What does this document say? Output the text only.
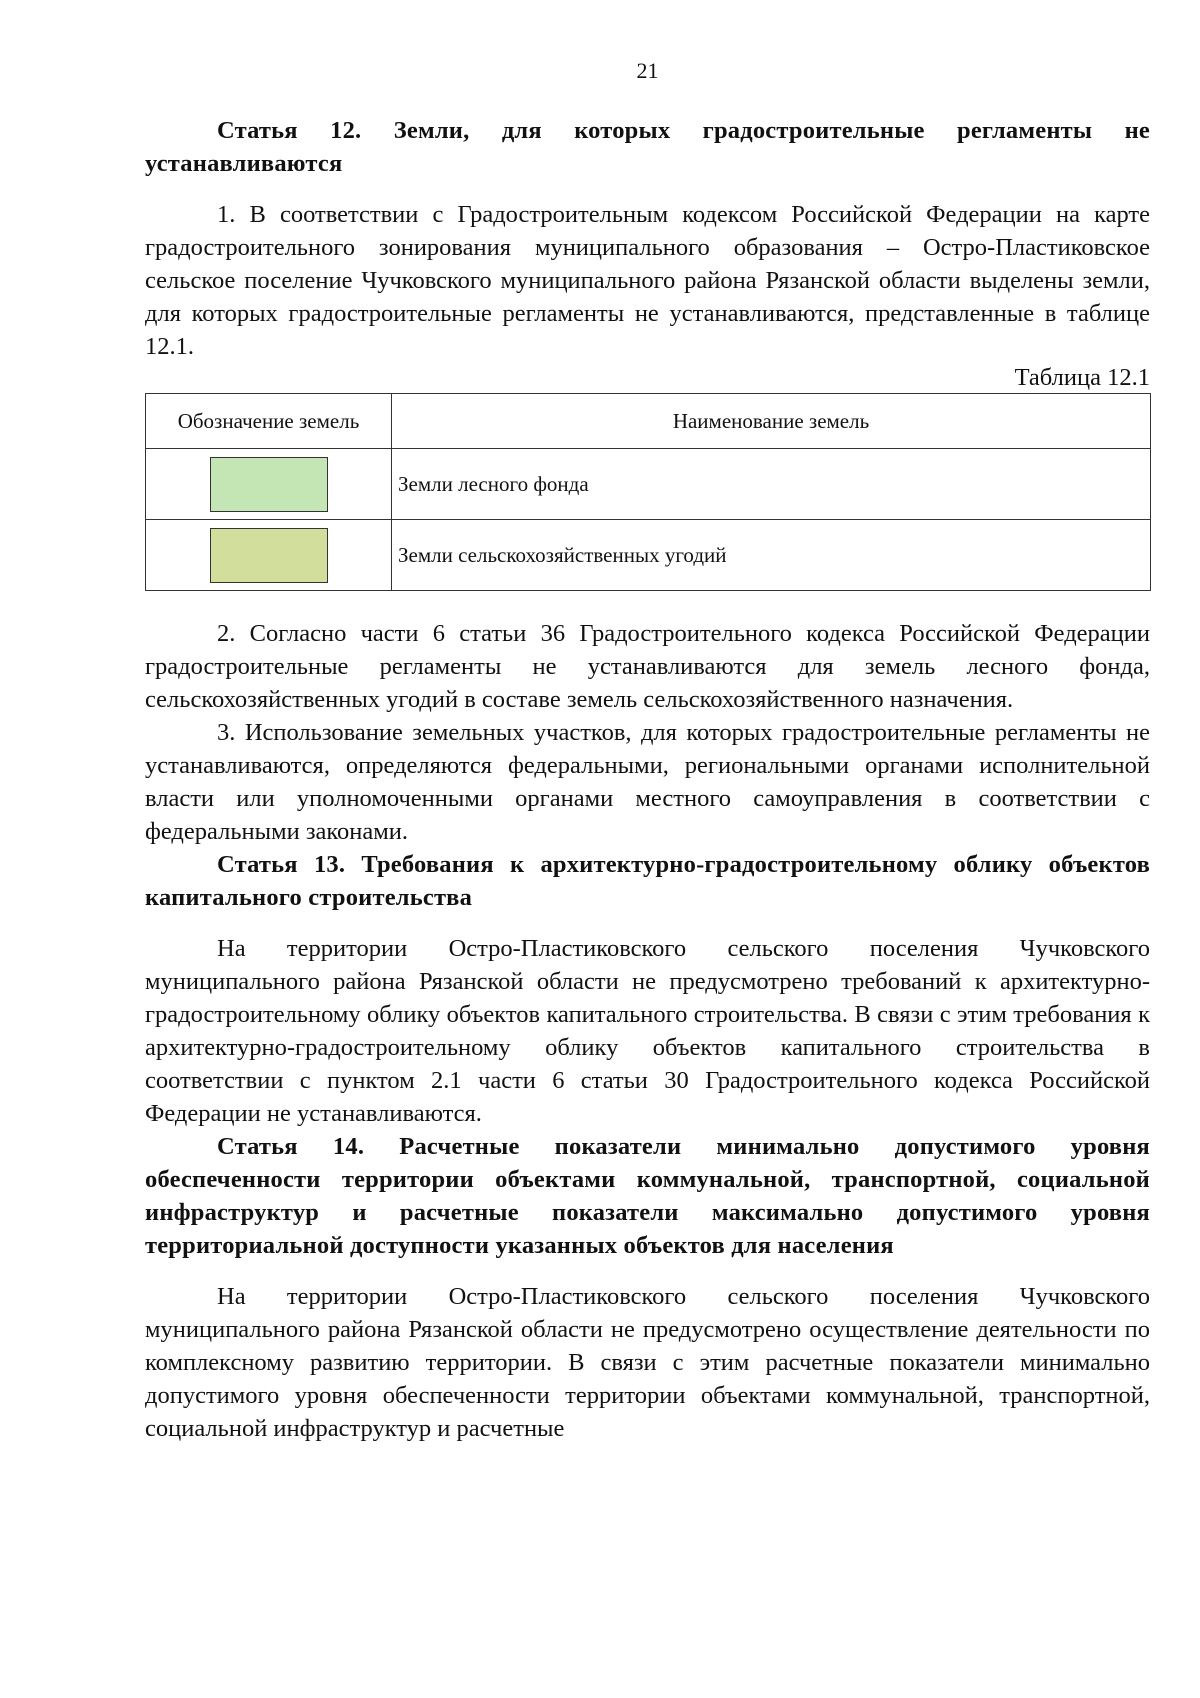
21
Статья 12. Земли, для которых градостроительные регламенты не устанавливаются

1. В соответствии с Градостроительным кодексом Российской Федерации на карте градостроительного зонирования муниципального образования – Остро-Пластиковское сельское поселение Чучковского муниципального района Рязанской области выделены земли, для которых градостроительные регламенты не устанавливаются, представленные в таблице 12.1.

Таблица 12.1
Обозначение земель	Наименование земель

	Земли лесного фонда

	Земли сельскохозяйственных угодий

2. Согласно части 6 статьи 36 Градостроительного кодекса Российской Федерации градостроительные регламенты не устанавливаются для земель лесного фонда, сельскохозяйственных угодий в составе земель сельскохозяйственного назначения.

3. Использование земельных участков, для которых градостроительные регламенты не устанавливаются, определяются федеральными, региональными органами исполнительной власти или уполномоченными органами местного самоуправления в соответствии с федеральными законами.

Статья 13. Требования к архитектурно-градостроительному облику объектов капитального строительства

На территории Остро-Пластиковского сельского поселения Чучковского муниципального района Рязанской области не предусмотрено требований к архитектурно-градостроительному облику объектов капитального строительства. В связи с этим требования к архитектурно-градостроительному облику объектов капитального строительства в соответствии с пунктом 2.1 части 6 статьи 30 Градостроительного кодекса Российской Федерации не устанавливаются.

Статья 14. Расчетные показатели минимально допустимого уровня обеспеченности территории объектами коммунальной, транспортной, социальной инфраструктур и расчетные показатели максимально допустимого уровня территориальной доступности указанных объектов для населения

На территории Остро-Пластиковского сельского поселения Чучковского муниципального района Рязанской области не предусмотрено осуществление деятельности по комплексному развитию территории. В связи с этим расчетные показатели минимально допустимого уровня обеспеченности территории объектами коммунальной, транспортной, социальной инфраструктур и расчетные
